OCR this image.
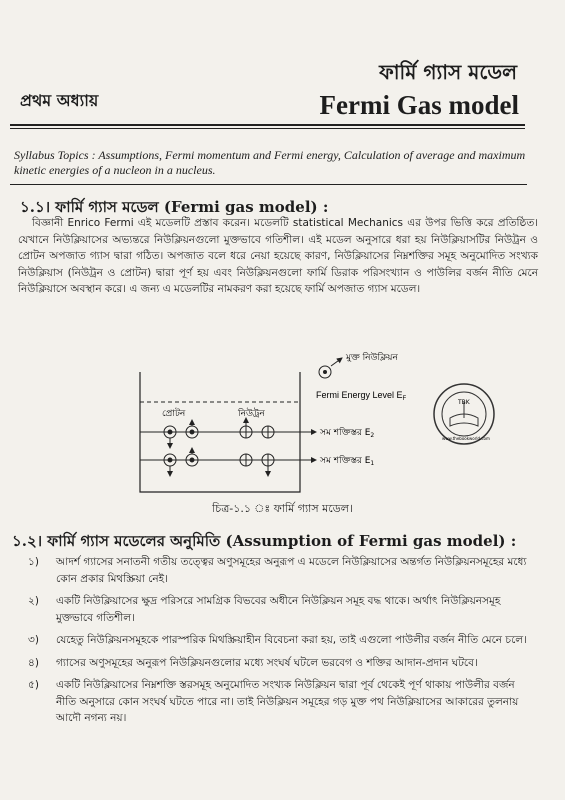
প্রথম অধ্যায়
ফার্মি গ্যাস মডেল
Fermi Gas model
Syllabus Topics : Assumptions, Fermi momentum and Fermi energy, Calculation of average and maximum kinetic energies of a nucleon in a nucleus.
১.১। ফার্মি গ্যাস মডেল (Fermi gas model) :

বিজ্ঞানী Enrico Fermi এই মডেলটি প্রস্তাব করেন। মডেলটি statistical Mechanics এর উপর ভিত্তি করে প্রতিষ্ঠিত। যেখানে নিউক্লিয়াসের অভ্যন্তরে নিউক্লিয়নগুলো মুক্তভাবে গতিশীল। এই মডেল অনুসারে ধরা হয় নিউক্লিয়াসটির নিউট্রন ও প্রোটন অপজাত গ্যাস দ্বারা গঠিত। অপজাত বলে ধরে নেয়া হয়েছে কারণ, নিউক্লিয়াসের নিম্নশক্তির সমূহ অনুমোদিত সংখ্যক নিউক্লিয়াস (নিউট্রন ও প্রোটন) দ্বারা পূর্ণ হয় এবং নিউক্লিয়নগুলো ফার্মি ডিরাক পরিসংখ্যান ও পাউলির বর্জন নীতি মেনে নিউক্লিয়াসে অবস্থান করে। এ জন্য এ মডেলটির নামকরণ করা হয়েছে ফার্মি অপজাত গ্যাস মডেল।

মুক্ত নিউক্লিয়ন
Fermi Energy Level $E_F$
প্রোটন	নিউট্রন
সম শক্তিস্তর $E_2$
সম শক্তিস্তর $E_1$
TBK
www.thebookworld.com
চিত্র-১.১ ঃ ফার্মি গ্যাস মডেল।
১.২। ফার্মি গ্যাস মডেলের অনুমিতি (Assumption of Fermi gas model) :
১)	আদর্শ গ্যাসের সনাতনী গতীয় তত্ত্বের অণুসমূহের অনুরূপ এ মডেলে নিউক্লিয়াসের অন্তর্গত নিউক্লিয়নসমূহের মধ্যে কোন প্রকার মিথস্ক্রিয়া নেই।
২)	একটি নিউক্লিয়াসের ক্ষুদ্র পরিসরে সামগ্রিক বিভবের অধীনে নিউক্লিয়ন সমূহ বদ্ধ থাকে। অর্থাৎ নিউক্লিয়নসমূহ মুক্তভাবে গতিশীল।
৩)	যেহেতু নিউক্লিয়নসমূহকে পারস্পরিক মিথস্ক্রিয়াহীন বিবেচনা করা হয়, তাই এগুলো পাউলীর বর্জন নীতি মেনে চলে।
৪)	গ্যাসের অণুসমূহের অনুরূপ নিউক্লিয়নগুলোর মধ্যে সংঘর্ষ ঘটলে ভরবেগ ও শক্তির আদান-প্রদান ঘটবে।
৫)	একটি নিউক্লিয়াসের নিম্নশক্তি স্তরসমূহ অনুমোদিত সংখ্যক নিউক্লিয়ন দ্বারা পূর্ব থেকেই পূর্ণ থাকায় পাউলীর বর্জন নীতি অনুসারে কোন সংঘর্ষ ঘটতে পারে না। তাই নিউক্লিয়ন সমূহের গড় মুক্ত পথ নিউক্লিয়াসের আকারের তুলনায় আদৌ নগন্য নয়।
